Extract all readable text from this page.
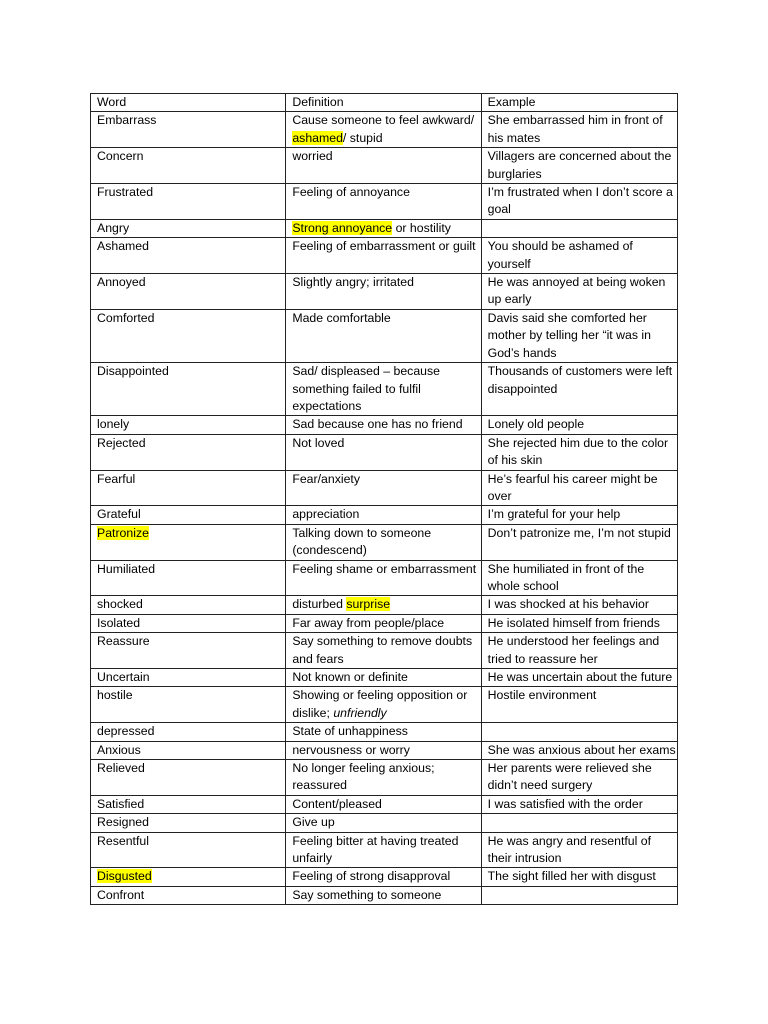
Word	Definition	Example
Embarrass	Cause someone to feel awkward/ ashamed/ stupid	She embarrassed him in front of his mates
Concern	worried	Villagers are concerned about the burglaries
Frustrated	Feeling of annoyance	I’m frustrated when I don’t score a goal
Angry	Strong annoyance or hostility	
Ashamed	Feeling of embarrassment or guilt	You should be ashamed of yourself
Annoyed	Slightly angry; irritated	He was annoyed at being woken up early
Comforted	Made comfortable	Davis said she comforted her mother by telling her “it was in God’s hands
Disappointed	Sad/ displeased – because something failed to fulfil expectations	Thousands of customers were left disappointed
lonely	Sad because one has no friend	Lonely old people
Rejected	Not loved	She rejected him due to the color of his skin
Fearful	Fear/anxiety	He’s fearful his career might be over
Grateful	appreciation	I’m grateful for your help
Patronize	Talking down to someone (condescend)	Don’t patronize me, I’m not stupid
Humiliated	Feeling shame or embarrassment	She humiliated in front of the whole school
shocked	disturbed surprise	I was shocked at his behavior
Isolated	Far away from people/place	He isolated himself from friends
Reassure	Say something to remove doubts and fears	He understood her feelings and tried to reassure her
Uncertain	Not known or definite	He was uncertain about the future
hostile	Showing or feeling opposition or dislike; unfriendly	Hostile environment
depressed	State of unhappiness	
Anxious	nervousness or worry	She was anxious about her exams
Relieved	No longer feeling anxious; reassured	Her parents were relieved she didn’t need surgery
Satisfied	Content/pleased	I was satisfied with the order
Resigned	Give up	
Resentful	Feeling bitter at having treated unfairly	He was angry and resentful of their intrusion
Disgusted	Feeling of strong disapproval	The sight filled her with disgust
Confront	Say something to someone	
